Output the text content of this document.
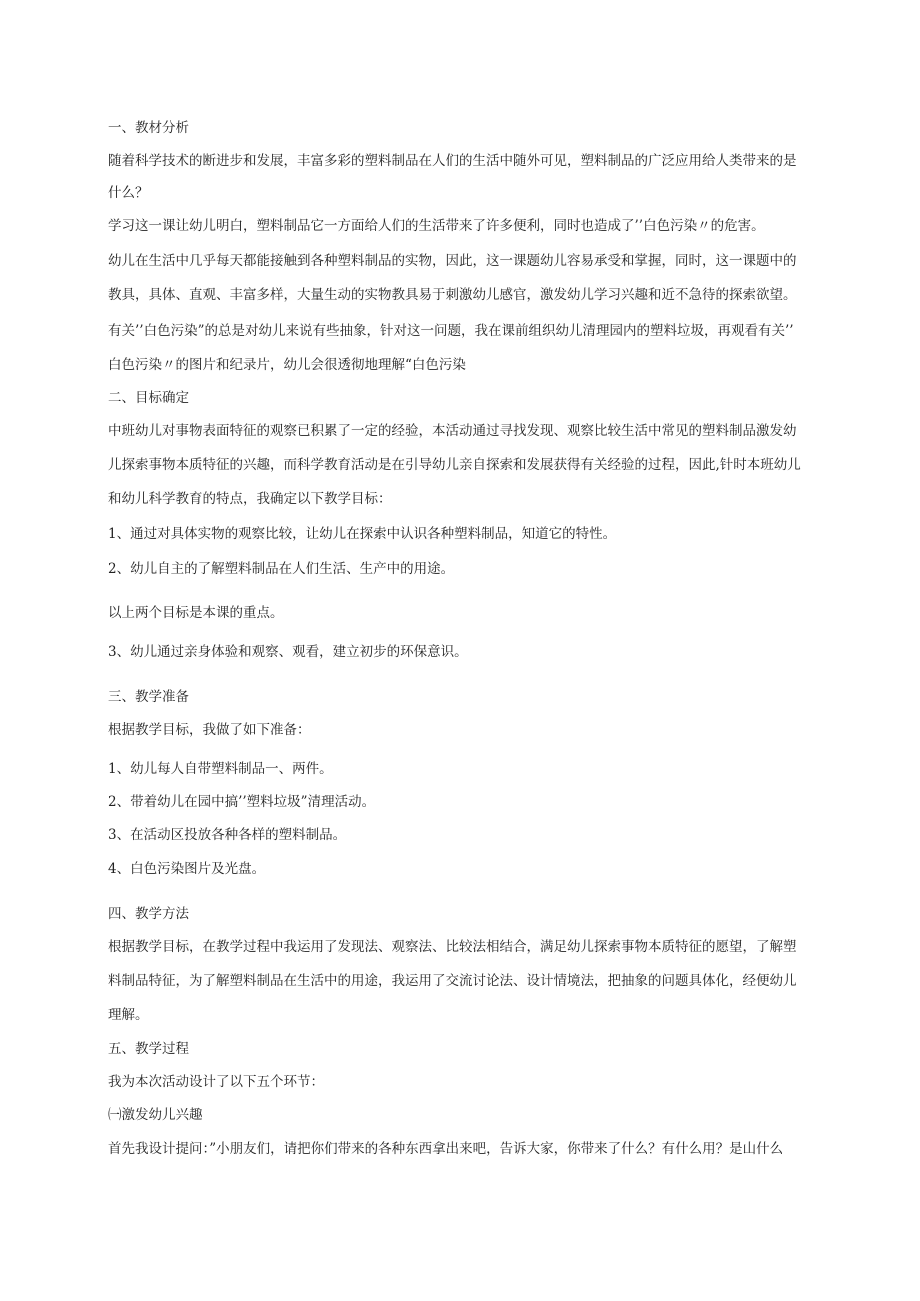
一、教材分析
随着科学技术的断进步和发展，丰富多彩的塑料制品在人们的生活中随外可见，塑料制品的广泛应用给人类带来的是
什么？
学习这一课让幼儿明白，塑料制品它一方面给人们的生活带来了许多便利，同时也造成了’’白色污染〃的危害。
幼儿在生活中几乎每天都能接触到各种塑料制品的实物，因此，这一课题幼儿容易承受和掌握，同时，这一课题中的
教具，具体、直观、丰富多样，大量生动的实物教具易于刺激幼儿感官，激发幼儿学习兴趣和近不急待的探索欲望。
有关’’白色污染”的总是对幼儿来说有些抽象，针对这一问题，我在课前组织幼儿清理园内的塑料垃圾，再观看有关’’
白色污染〃的图片和纪录片，幼儿会很透彻地理解“白色污染
二、目标确定
中班幼儿对事物表面特征的观察已积累了一定的经验，本活动通过寻找发现、观察比较生活中常见的塑料制品激发幼
儿探索事物本质特征的兴趣，而科学教育活动是在引导幼儿亲自探索和发展获得有关经验的过程，因此,针时本班幼儿
和幼儿科学教育的特点，我确定以下教学目标：
1、通过对具体实物的观察比较，让幼儿在探索中认识各种塑料制品，知道它的特性。
2、幼儿自主的了解塑料制品在人们生活、生产中的用途。
以上两个目标是本课的重点。
3、幼儿通过亲身体验和观察、观看，建立初步的环保意识。
三、教学准备
根据教学目标，我做了如下准备：
1、幼儿每人自带塑料制品一、两件。
2、带着幼儿在园中搞’’塑料垃圾”清理活动。
3、在活动区投放各种各样的塑料制品。
4、白色污染图片及光盘。
四、教学方法
根据教学目标，在教学过程中我运用了发现法、观察法、比较法相结合，满足幼儿探索事物本质特征的愿望，了解塑
料制品特征，为了解塑料制品在生活中的用途，我运用了交流讨论法、设计情境法，把抽象的问题具体化，经便幼儿
理解。
五、教学过程
我为本次活动设计了以下五个环节：
㈠激发幼儿兴趣
首先我设计提问：”小朋友们，请把你们带来的各种东西拿出来吧，告诉大家，你带来了什么？有什么用？是山什么
